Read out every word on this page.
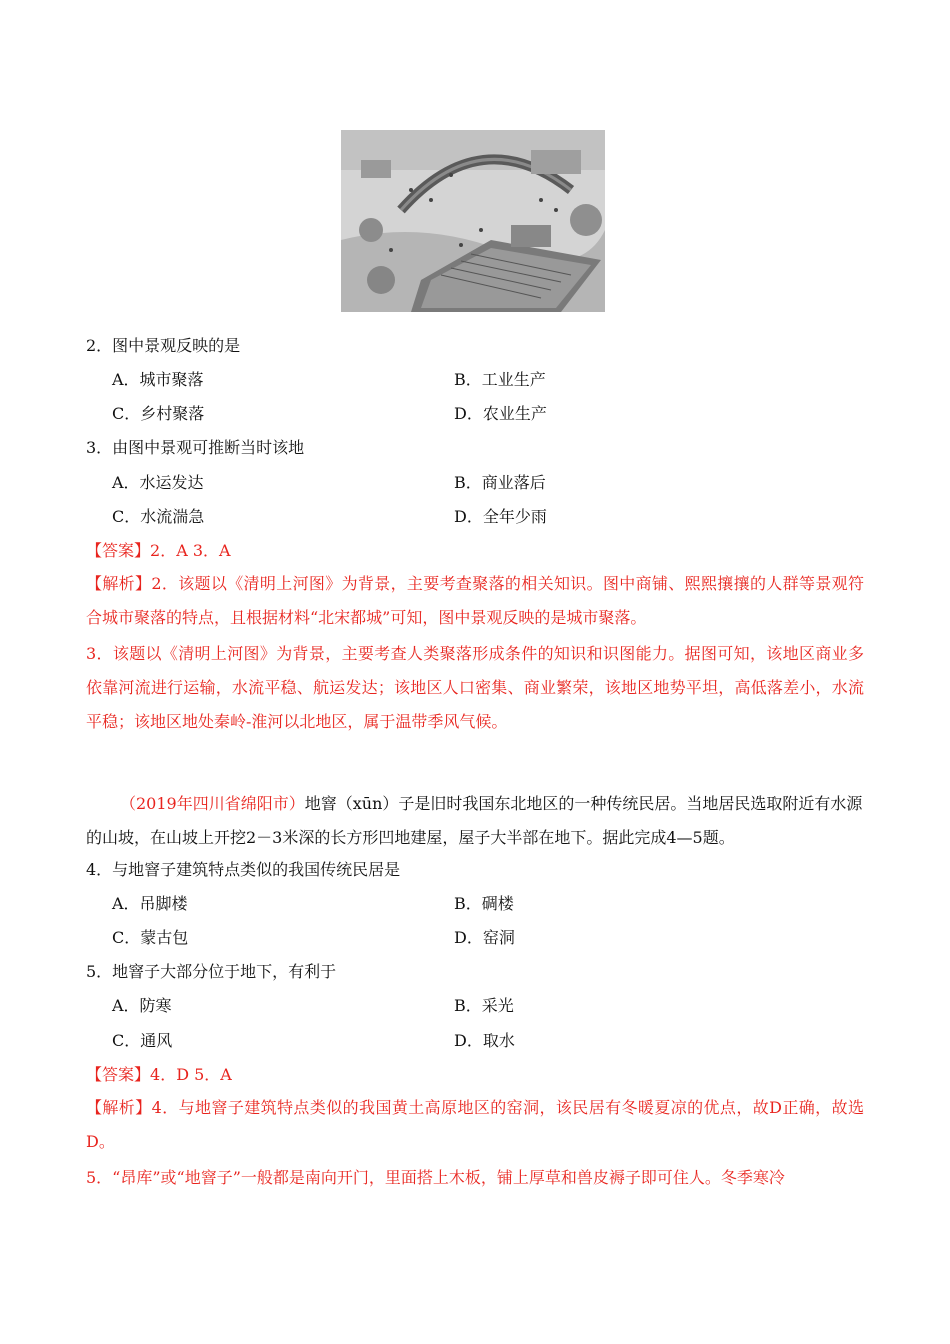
2．图中景观反映的是
A．城市聚落	B．工业生产
C．乡村聚落	D．农业生产
3．由图中景观可推断当时该地
A．水运发达	B．商业落后
C．水流湍急	D．全年少雨
【答案】2．A 3．A
【解析】2．该题以《清明上河图》为背景，主要考查聚落的相关知识。图中商铺、熙熙攘攘的人群等景观符合城市聚落的特点，且根据材料“北宋都城”可知，图中景观反映的是城市聚落。
3．该题以《清明上河图》为背景，主要考查人类聚落形成条件的知识和识图能力。据图可知，该地区商业多依靠河流进行运输，水流平稳、航运发达；该地区人口密集、商业繁荣，该地区地势平坦，高低落差小，水流平稳；该地区地处秦岭-淮河以北地区，属于温带季风气候。
（2019年四川省绵阳市）地窨（xūn）子是旧时我国东北地区的一种传统民居。当地居民选取附近有水源的山坡，在山坡上开挖2－3米深的长方形凹地建屋，屋子大半部在地下。据此完成4—5题。
4．与地窨子建筑特点类似的我国传统民居是
A．吊脚楼	B．碉楼
C．蒙古包	D．窑洞
5．地窨子大部分位于地下，有利于
A．防寒	B．采光
C．通风	D．取水
【答案】4．D 5．A
【解析】4．与地窨子建筑特点类似的我国黄土高原地区的窑洞，该民居有冬暖夏凉的优点，故D正确，故选D。
5．“昂库”或“地窨子”一般都是南向开门，里面搭上木板，铺上厚草和兽皮褥子即可住人。冬季寒冷
